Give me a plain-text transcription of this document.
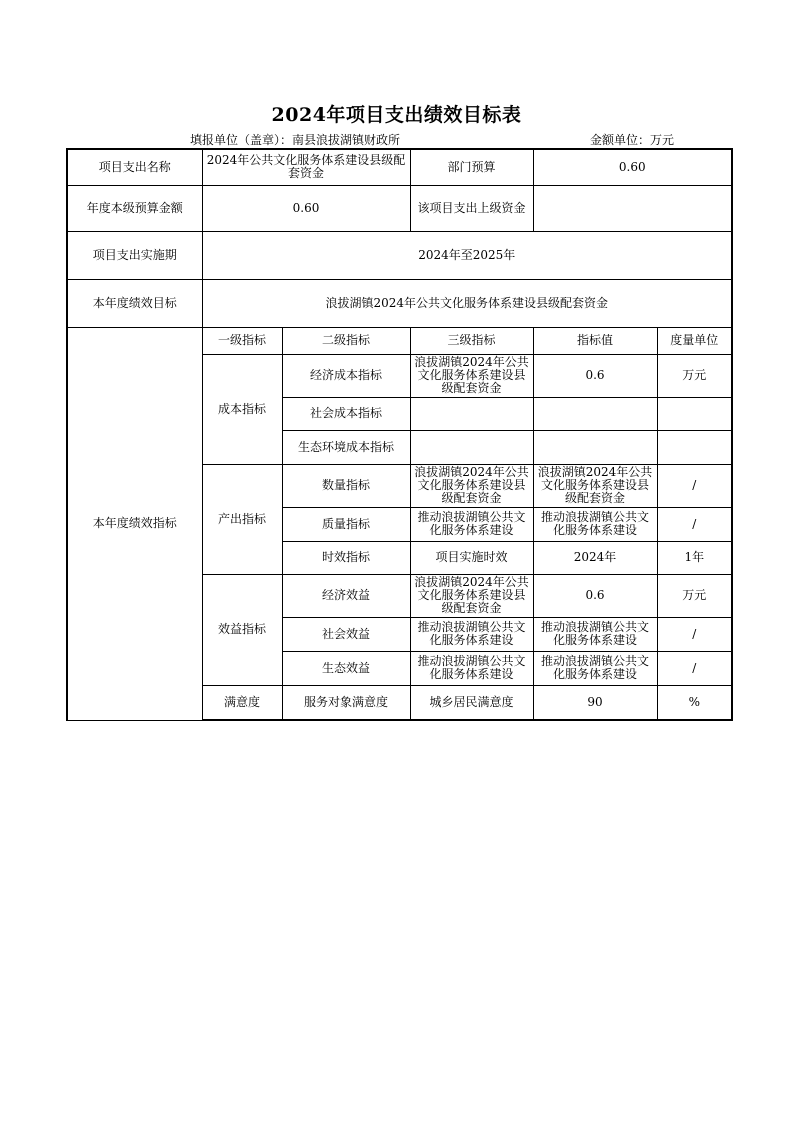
2024年项目支出绩效目标表
填报单位（盖章）：南县浪拔湖镇财政所	金额单位：万元
项目支出名称	2024年公共文化服务体系建设县级配套资金		部门预算	0.60	
年度本级预算金额	0.60		该项目支出上级资金		
项目支出实施期	2024年至2025年				
本年度绩效目标	浪拔湖镇2024年公共文化服务体系建设县级配套资金				
本年度绩效指标	一级指标	二级指标	三级指标	指标值	度量单位
	成本指标	经济成本指标	浪拔湖镇2024年公共文化服务体系建设县级配套资金	0.6	万元
		社会成本指标			
		生态环境成本指标			
	产出指标	数量指标	浪拔湖镇2024年公共文化服务体系建设县级配套资金	浪拔湖镇2024年公共文化服务体系建设县级配套资金	/
		质量指标	推动浪拔湖镇公共文化服务体系建设	推动浪拔湖镇公共文化服务体系建设	/
		时效指标	项目实施时效	2024年	1年
	效益指标	经济效益	浪拔湖镇2024年公共文化服务体系建设县级配套资金	0.6	万元
		社会效益	推动浪拔湖镇公共文化服务体系建设	推动浪拔湖镇公共文化服务体系建设	/
		生态效益	推动浪拔湖镇公共文化服务体系建设	推动浪拔湖镇公共文化服务体系建设	/
	满意度	服务对象满意度	城乡居民满意度	90	%
